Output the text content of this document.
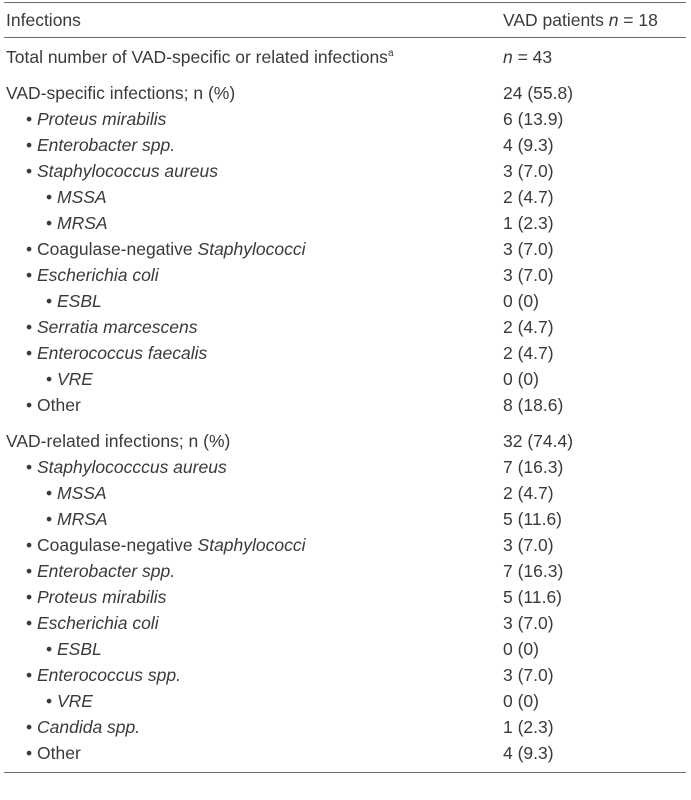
Infections	VAD patients n = 18
Total number of VAD-specific or related infections$^a$	n = 43
VAD-specific infections; n (%)	24 (55.8)
• Proteus mirabilis	6 (13.9)
• Enterobacter spp.	4 (9.3)
• Staphylococcus aureus	3 (7.0)
• MSSA	2 (4.7)
• MRSA	1 (2.3)
• Coagulase-negative Staphylococci	3 (7.0)
• Escherichia coli	3 (7.0)
• ESBL	0 (0)
• Serratia marcescens	2 (4.7)
• Enterococcus faecalis	2 (4.7)
• VRE	0 (0)
• Other	8 (18.6)
VAD-related infections; n (%)	32 (74.4)
• Staphylococccus aureus	7 (16.3)
• MSSA	2 (4.7)
• MRSA	5 (11.6)
• Coagulase-negative Staphylococci	3 (7.0)
• Enterobacter spp.	7 (16.3)
• Proteus mirabilis	5 (11.6)
• Escherichia coli	3 (7.0)
• ESBL	0 (0)
• Enterococcus spp.	3 (7.0)
• VRE	0 (0)
• Candida spp.	1 (2.3)
• Other	4 (9.3)
